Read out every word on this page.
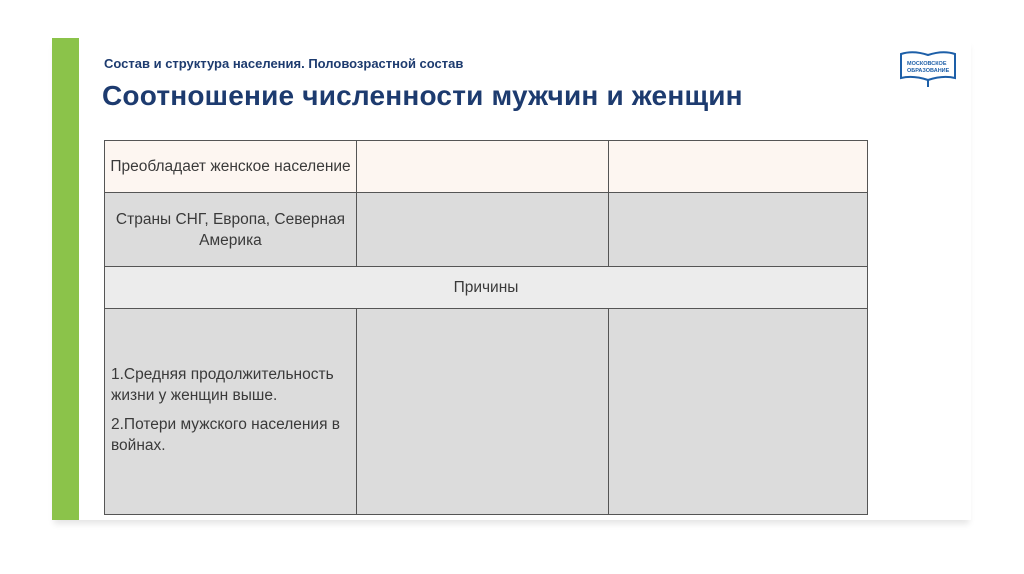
Состав и структура населения. Половозрастной состав
Соотношение численности мужчин и женщин
МОСКОВСКОЕ
ОБРАЗОВАНИЕ
Преобладает женское население		
Страны СНГ, Европа, Северная Америка		
Причины		

1.Средняя продолжительность жизни у женщин выше.
2.Потери мужского населения в войнах.		
